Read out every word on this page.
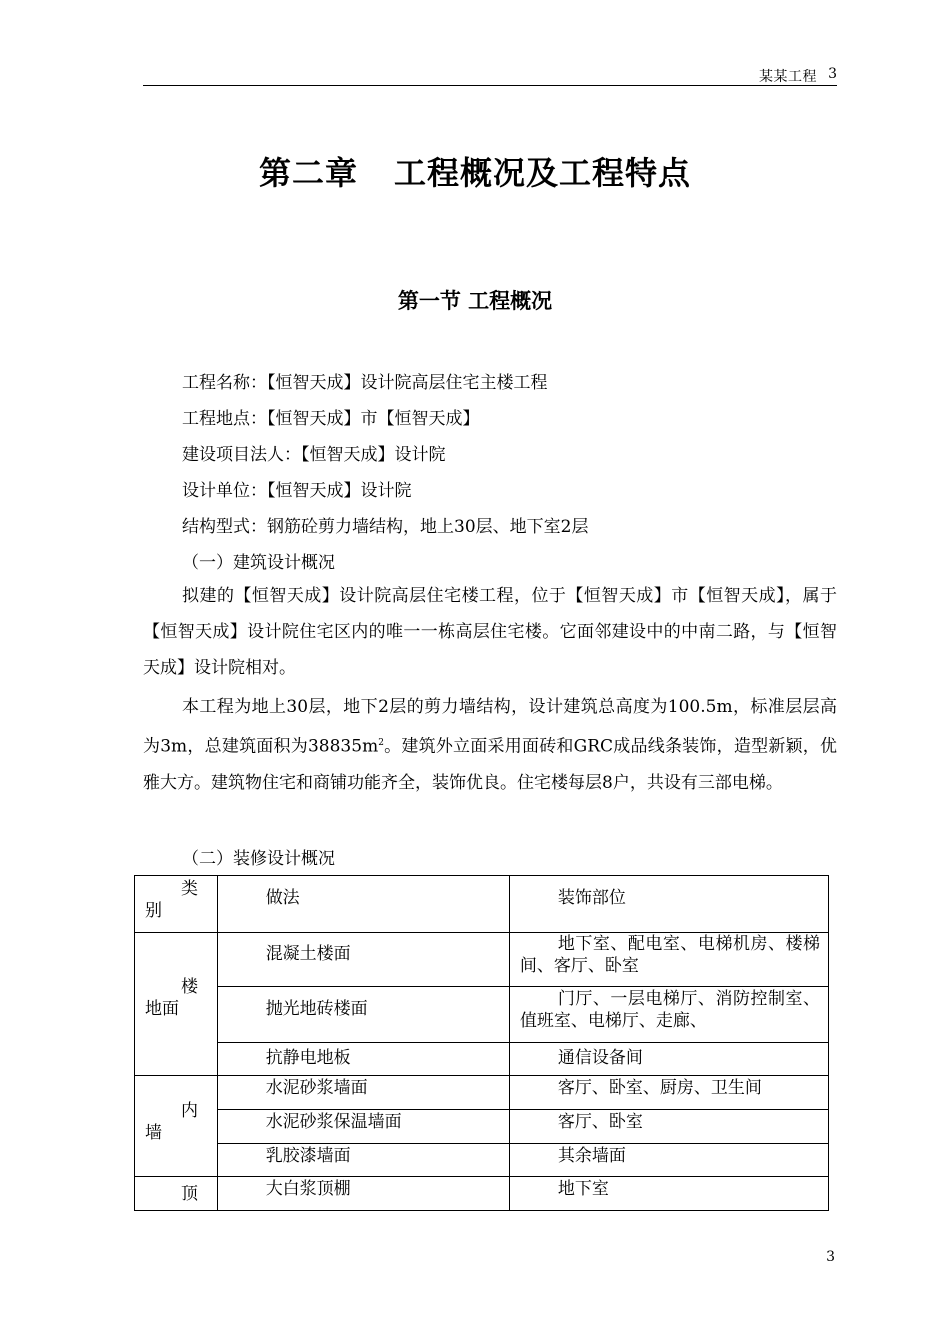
某某工程 3
第二章 工程概况及工程特点
第一节 工程概况
工程名称：【恒智天成】设计院高层住宅主楼工程
工程地点：【恒智天成】市【恒智天成】
建设项目法人：【恒智天成】设计院
设计单位：【恒智天成】设计院
结构型式：钢筋砼剪力墙结构，地上30层、地下室2层
（一）建筑设计概况
拟建的【恒智天成】设计院高层住宅楼工程，位于【恒智天成】市【恒智天成】，属于【恒智天成】设计院住宅区内的唯一一栋高层住宅楼。它面邻建设中的中南二路，与【恒智天成】设计院相对。
本工程为地上30层，地下2层的剪力墙结构，设计建筑总高度为100.5m，标准层层高为3m，总建筑面积为$38835m^2$。建筑外立面采用面砖和GRC成品线条装饰，造型新颖，优雅大方。建筑物住宅和商铺功能齐全，装饰优良。住宅楼每层8户，共设有三部电梯。
（二）装修设计概况
类
别	做法	装饰部位

楼
地面	混凝土楼面	地下室、配电室、电梯机房、楼梯间、客厅、卧室

	抛光地砖楼面	门厅、一层电梯厅、消防控制室、值班室、电梯厅、走廊、

	抗静电地板	通信设备间

内
墙	水泥砂浆墙面	客厅、卧室、厨房、卫生间

	水泥砂浆保温墙面	客厅、卧室

	乳胶漆墙面	其余墙面

顶	大白浆顶棚	地下室
3
